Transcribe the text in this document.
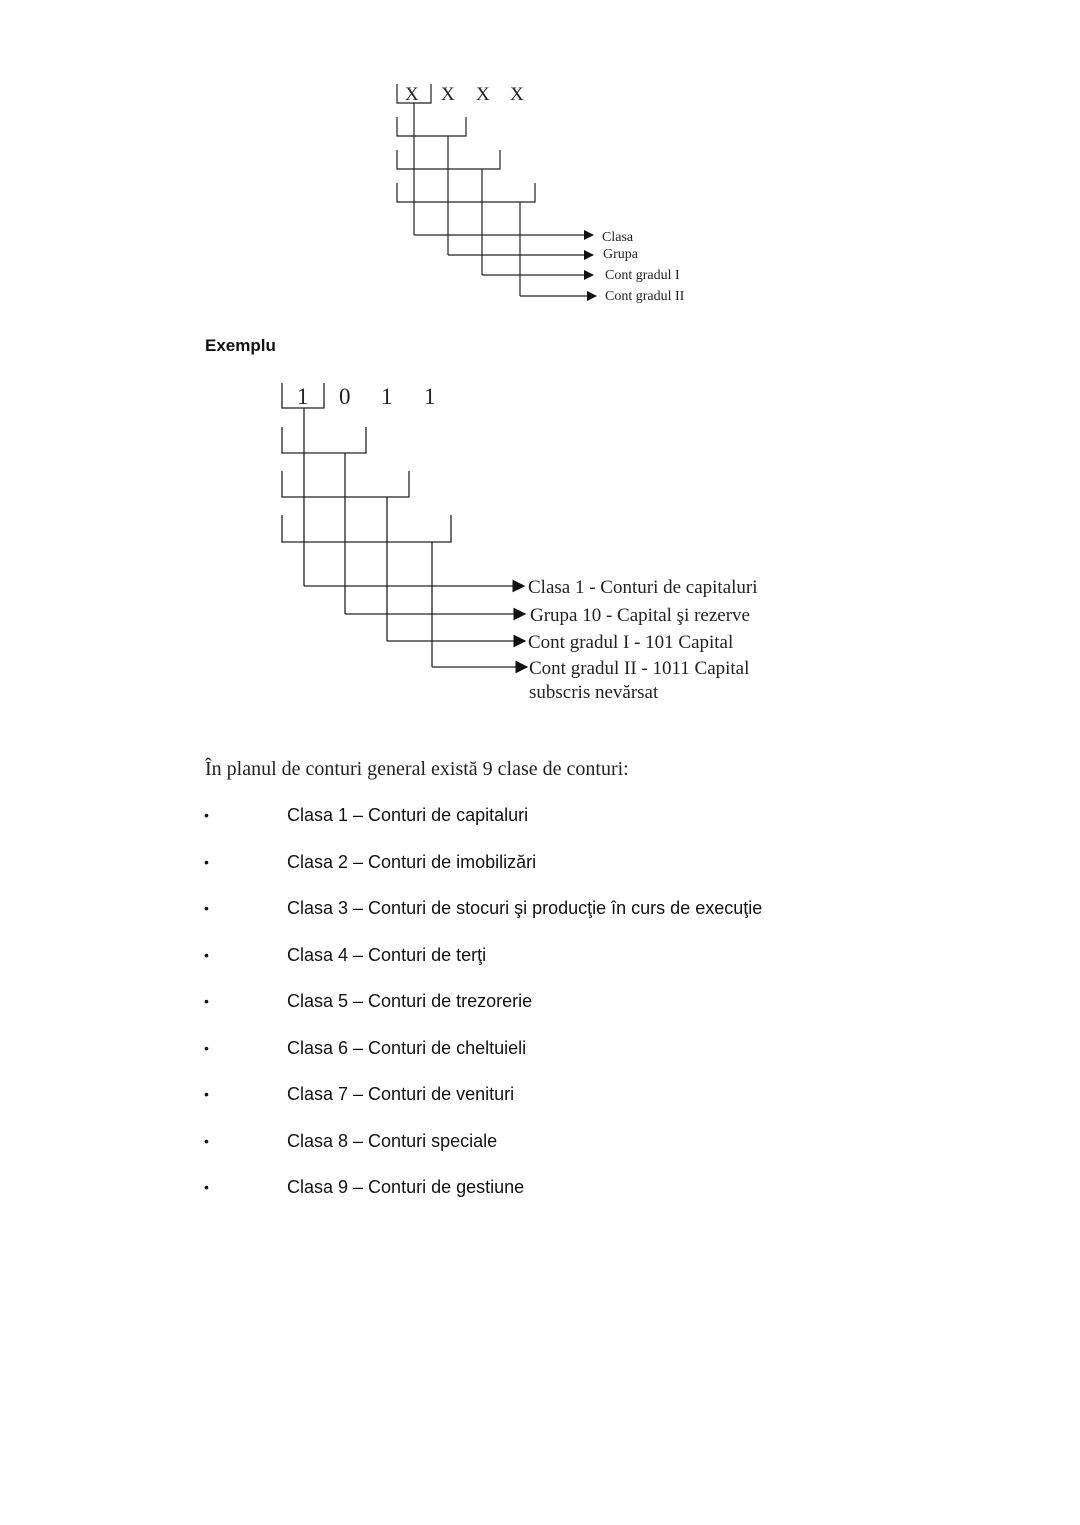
X X X X
Clasa
Grupa
Cont gradul I
Cont gradul II
Exemplu
1 0 1 1
Clasa 1 - Conturi de capitaluri
Grupa 10 - Capital şi rezerve
Cont gradul I - 101 Capital
Cont gradul II - 1011 Capital
subscris nevărsat
În planul de conturi general există 9 clase de conturi:
•	Clasa 1 – Conturi de capitaluri
•	Clasa 2 – Conturi de imobilizări
•	Clasa 3 – Conturi de stocuri şi producţie în curs de execuţie
•	Clasa 4 – Conturi de terţi
•	Clasa 5 – Conturi de trezorerie
•	Clasa 6 – Conturi de cheltuieli
•	Clasa 7 – Conturi de venituri
•	Clasa 8 – Conturi speciale
•	Clasa 9 – Conturi de gestiune
